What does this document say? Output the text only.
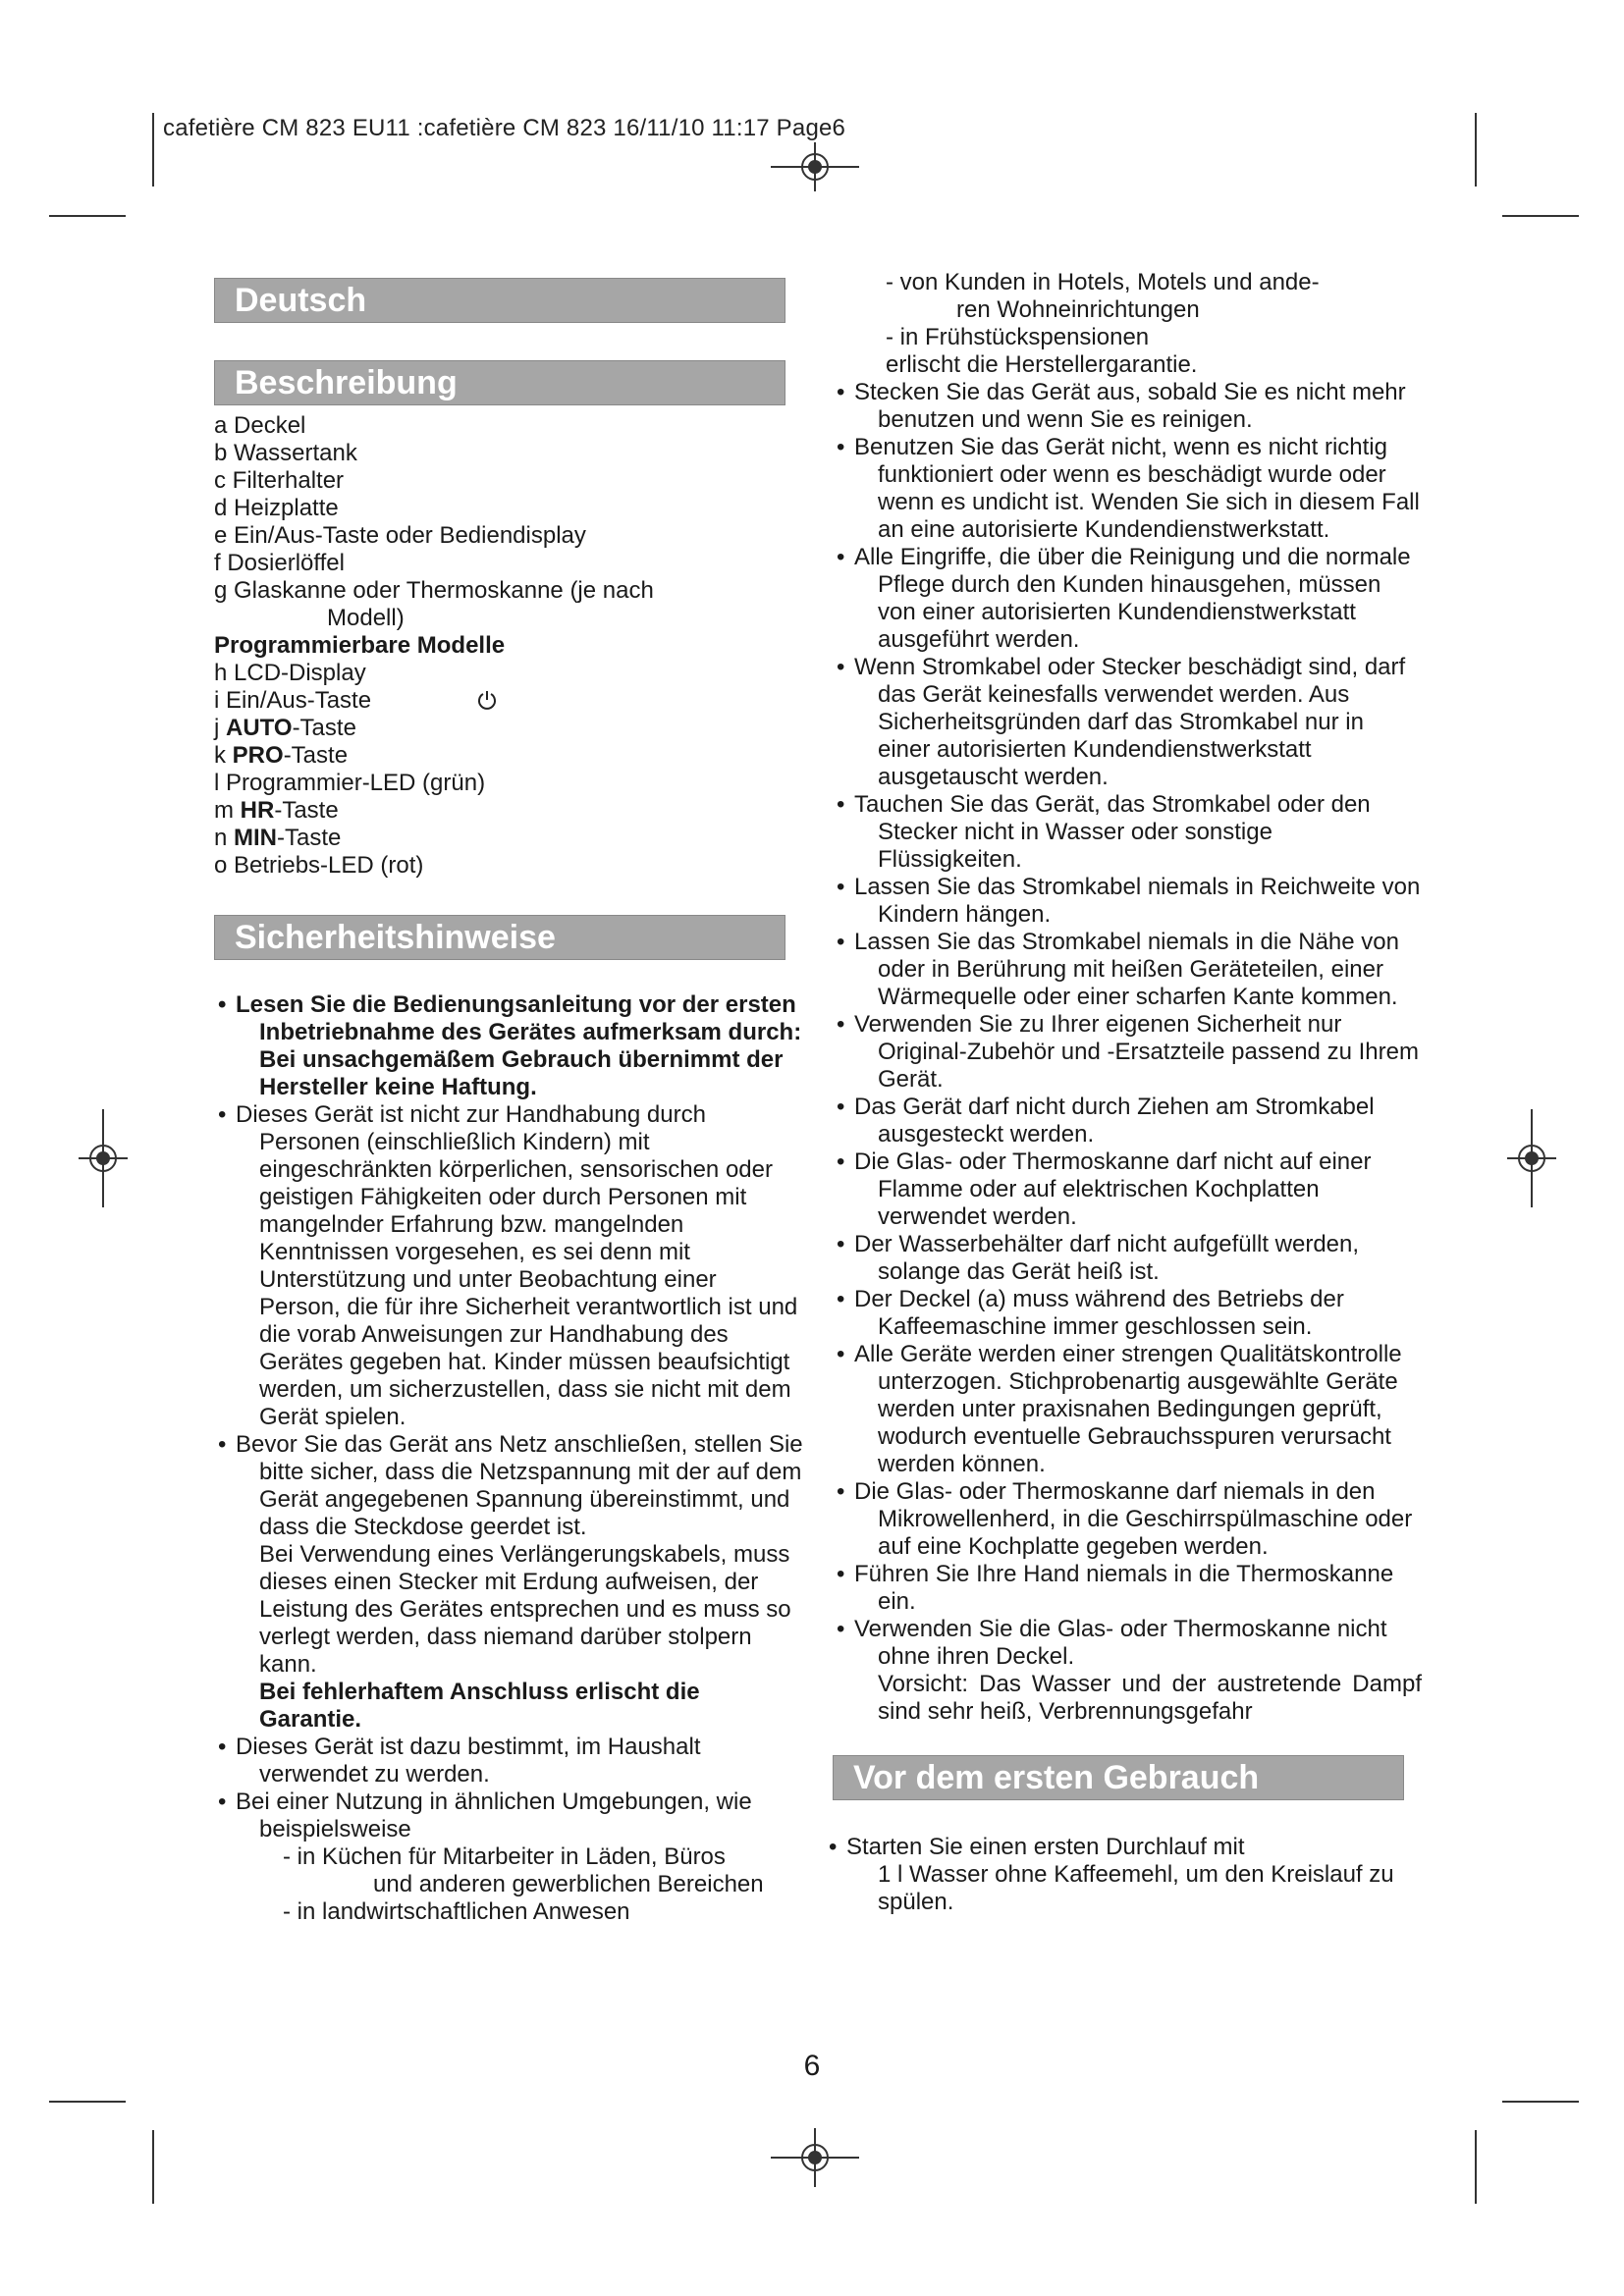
cafetière CM 823 EU11 :cafetière CM 823 16/11/10 11:17 Page6
Deutsch
Beschreibung
a Deckel
b Wassertank
c Filterhalter
d Heizplatte
e Ein/Aus-Taste oder Bediendisplay
f Dosierlöffel
g Glaskanne oder Thermoskanne (je nach
Modell)
Programmierbare Modelle
h LCD-Display
i Ein/Aus-Taste
j AUTO-Taste
k PRO-Taste
l Programmier-LED (grün)
m HR-Taste
n MIN-Taste
o Betriebs-LED (rot)
Sicherheitshinweise
• Lesen Sie die Bedienungsanleitung vor der ersten Inbetriebnahme des Gerätes aufmerksam durch: Bei unsachgemäßem Gebrauch übernimmt der Hersteller keine Haftung.
• Dieses Gerät ist nicht zur Handhabung durch Personen (einschließlich Kindern) mit eingeschränkten körperlichen, sensorischen oder geistigen Fähigkeiten oder durch Personen mit mangelnder Erfahrung bzw. mangelnden Kenntnissen vorgesehen, es sei denn mit Unterstützung und unter Beobachtung einer Person, die für ihre Sicherheit verantwortlich ist und die vorab Anweisungen zur Handhabung des Gerätes gegeben hat. Kinder müssen beaufsichtigt werden, um sicherzustellen, dass sie nicht mit dem Gerät spielen.
• Bevor Sie das Gerät ans Netz anschließen, stellen Sie bitte sicher, dass die Netzspannung mit der auf dem Gerät angegebenen Spannung übereinstimmt, und dass die Steckdose geerdet ist.
Bei Verwendung eines Verlängerungskabels, muss dieses einen Stecker mit Erdung aufweisen, der Leistung des Gerätes entsprechen und es muss so verlegt werden, dass niemand darüber stolpern kann.
Bei fehlerhaftem Anschluss erlischt die Garantie.
• Dieses Gerät ist dazu bestimmt, im Haushalt verwendet zu werden.
• Bei einer Nutzung in ähnlichen Umgebungen, wie beispielsweise
- in Küchen für Mitarbeiter in Läden, Büros
und anderen gewerblichen Bereichen
- in landwirtschaftlichen Anwesen
- von Kunden in Hotels, Motels und ande-
ren Wohneinrichtungen
- in Frühstückspensionen
erlischt die Herstellergarantie.
• Stecken Sie das Gerät aus, sobald Sie es nicht mehr benutzen und wenn Sie es reinigen.
• Benutzen Sie das Gerät nicht, wenn es nicht richtig funktioniert oder wenn es beschädigt wurde oder wenn es undicht ist. Wenden Sie sich in diesem Fall an eine autorisierte Kundendienstwerkstatt.
• Alle Eingriffe, die über die Reinigung und die normale Pflege durch den Kunden hinausgehen, müssen von einer autorisierten Kundendienstwerkstatt ausgeführt werden.
• Wenn Stromkabel oder Stecker beschädigt sind, darf das Gerät keinesfalls verwendet werden. Aus Sicherheitsgründen darf das Stromkabel nur in einer autorisierten Kundendienstwerkstatt ausgetauscht werden.
• Tauchen Sie das Gerät, das Stromkabel oder den Stecker nicht in Wasser oder sonstige Flüssigkeiten.
• Lassen Sie das Stromkabel niemals in Reichweite von Kindern hängen.
• Lassen Sie das Stromkabel niemals in die Nähe von oder in Berührung mit heißen Geräteteilen, einer Wärmequelle oder einer scharfen Kante kommen.
• Verwenden Sie zu Ihrer eigenen Sicherheit nur Original-Zubehör und -Ersatzteile passend zu Ihrem Gerät.
• Das Gerät darf nicht durch Ziehen am Stromkabel ausgesteckt werden.
• Die Glas- oder Thermoskanne darf nicht auf einer Flamme oder auf elektrischen Kochplatten verwendet werden.
• Der Wasserbehälter darf nicht aufgefüllt werden, solange das Gerät heiß ist.
• Der Deckel (a) muss während des Betriebs der Kaffeemaschine immer geschlossen sein.
• Alle Geräte werden einer strengen Qualitätskontrolle unterzogen. Stichprobenartig ausgewählte Geräte werden unter praxisnahen Bedingungen geprüft, wodurch eventuelle Gebrauchsspuren verursacht werden können.
• Die Glas- oder Thermoskanne darf niemals in den Mikrowellenherd, in die Geschirrspülmaschine oder auf eine Kochplatte gegeben werden.
• Führen Sie Ihre Hand niemals in die Thermoskanne ein.
• Verwenden Sie die Glas- oder Thermoskanne nicht ohne ihren Deckel.
Vorsicht: Das Wasser und der austretende Dampf sind sehr heiß, Verbrennungsgefahr
Vor dem ersten Gebrauch
• Starten Sie einen ersten Durchlauf mit
1 l Wasser ohne Kaffeemehl, um den Kreislauf zu spülen.
6
